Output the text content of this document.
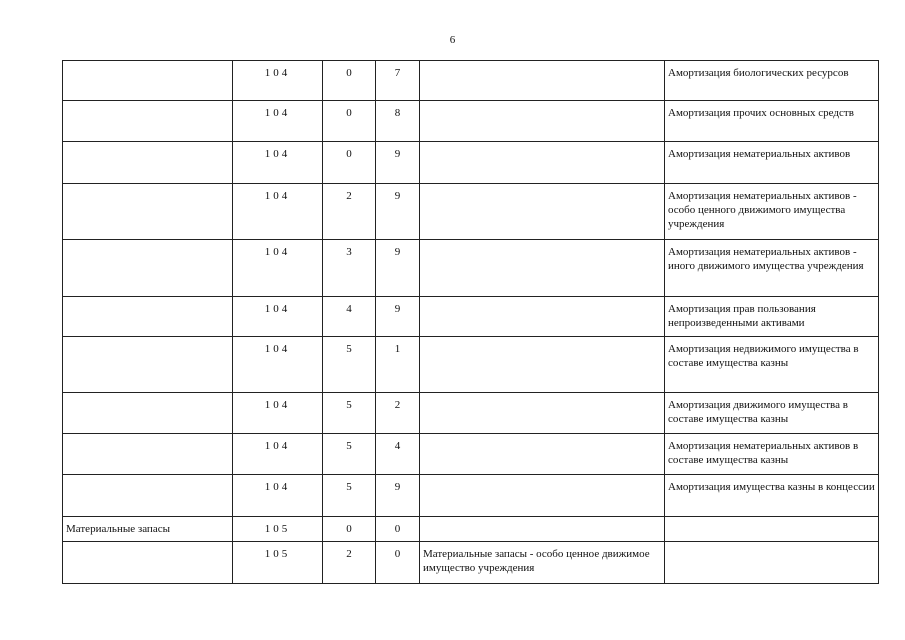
6
	104	0	7		Амортизация биологических ресурсов
	104	0	8		Амортизация прочих основных средств
	104	0	9		Амортизация нематериальных активов
	104	2	9		Амортизация нематериальных активов - особо ценного движимого имущества учреждения
	104	3	9		Амортизация нематериальных активов - иного движимого имущества учреждения
	104	4	9		Амортизация прав пользования непроизведенными активами
	104	5	1		Амортизация недвижимого имущества в составе имущества казны
	104	5	2		Амортизация движимого имущества в составе имущества казны
	104	5	4		Амортизация нематериальных активов в составе имущества казны
	104	5	9		Амортизация имущества казны в концессии
Материальные запасы	105	0	0		
	105	2	0	Материальные запасы - особо ценное движимое имущество учреждения	
